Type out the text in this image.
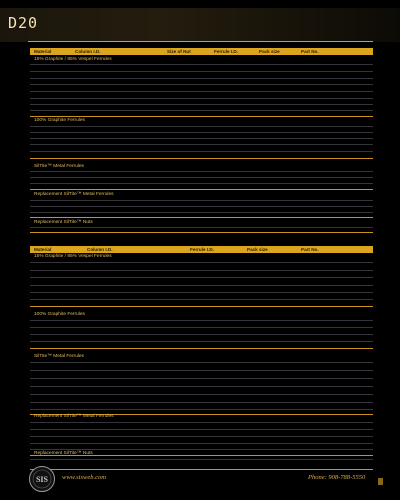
D20
Material	Column I.D.	Size of Nut	Ferrule I.D.	Pack size	Part No.
15% Graphite / 85% Vespel Ferrules
100% Graphite Ferrules
SilTite™ Metal Ferrules
Replacement SilTite™ Metal Ferrules
Replacement SilTite™ Nuts
Material	Column I.D.	Ferrule I.D.	Pack size	Part No.
15% Graphite / 85% Vespel Ferrules
100% Graphite Ferrules
SilTite™ Metal Ferrules
Replacement SilTite™ Metal Ferrules
Replacement SilTite™ Nuts
SIS www.sisweb.com	Phone: 908-788-5550
